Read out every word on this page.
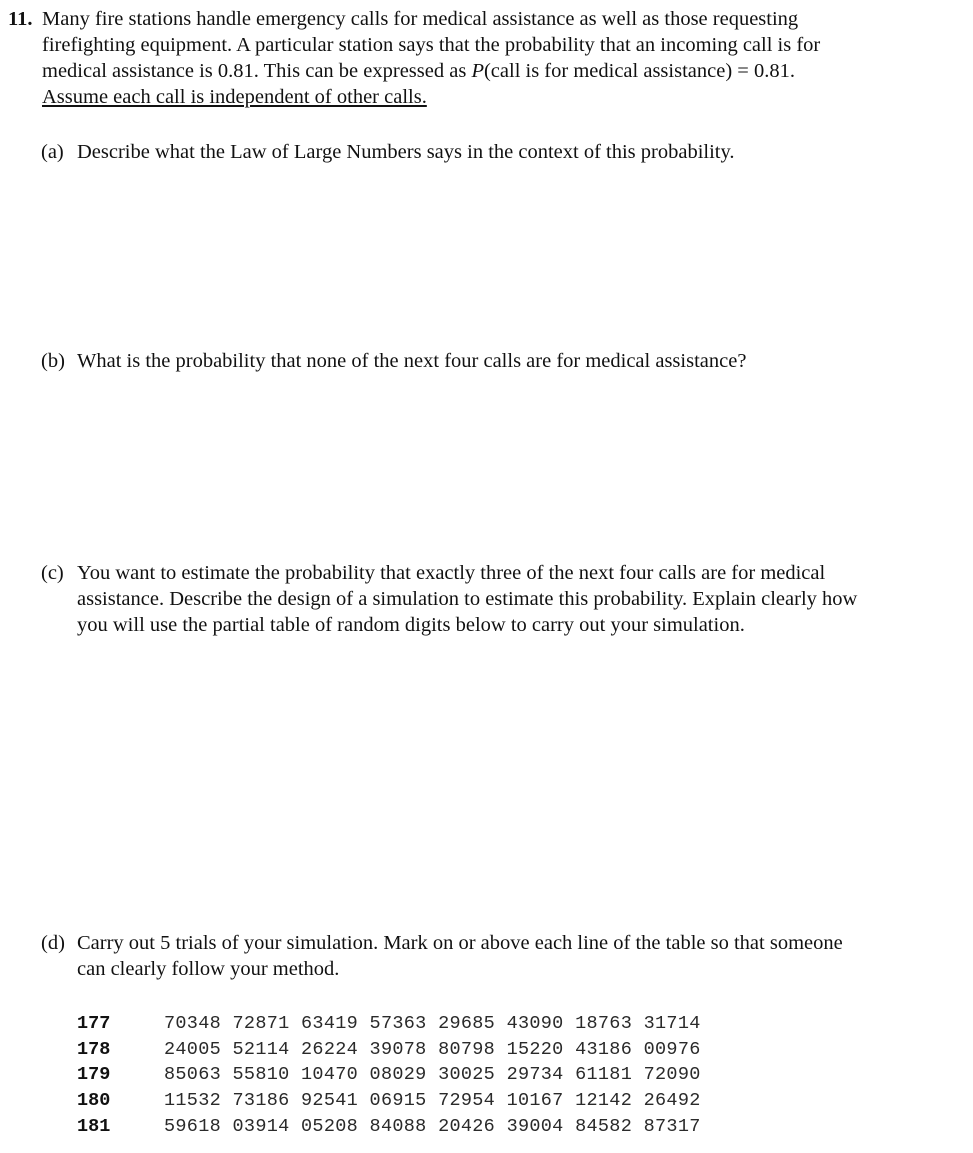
11. Many fire stations handle emergency calls for medical assistance as well as those requesting
firefighting equipment. A particular station says that the probability that an incoming call is for
medical assistance is 0.81. This can be expressed as P(call is for medical assistance) = 0.81.
Assume each call is independent of other calls.
(a) Describe what the Law of Large Numbers says in the context of this probability.
(b) What is the probability that none of the next four calls are for medical assistance?
(c) You want to estimate the probability that exactly three of the next four calls are for medical
assistance. Describe the design of a simulation to estimate this probability. Explain clearly how
you will use the partial table of random digits below to carry out your simulation.
(d) Carry out 5 trials of your simulation. Mark on or above each line of the table so that someone
can clearly follow your method.
177	70348 72871 63419 57363 29685 43090 18763 31714
178	24005 52114 26224 39078 80798 15220 43186 00976
179	85063 55810 10470 08029 30025 29734 61181 72090
180	11532 73186 92541 06915 72954 10167 12142 26492
181	59618 03914 05208 84088 20426 39004 84582 87317
